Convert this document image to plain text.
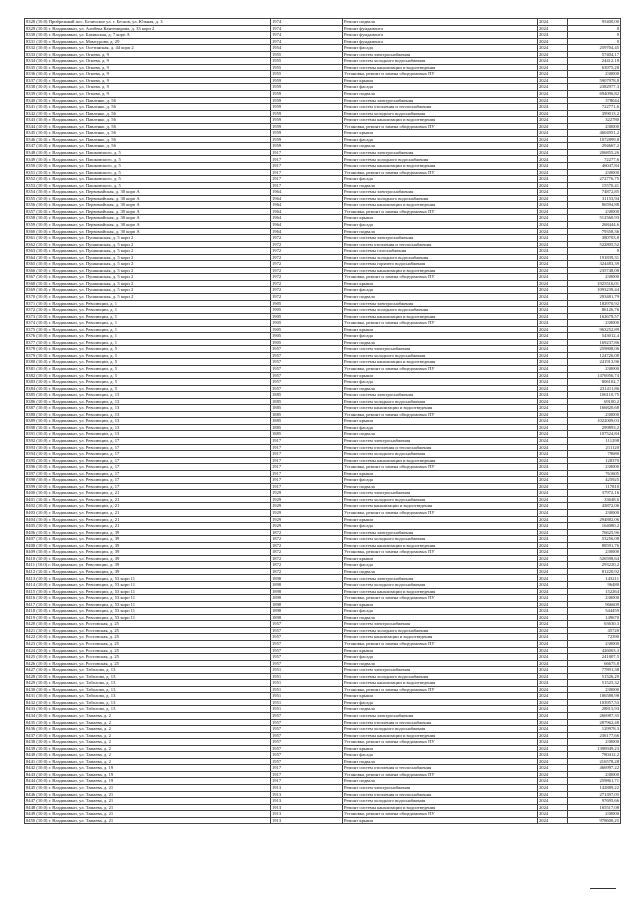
8328 (10.0) Прибрежный пос. Беличское ул. г. Бесков, ул. Южная, д. 3	1974	Ремонт подвала	2024	95400,00
8329 (10.0) г. Владикавказ, ул. Алибека Кантемирова, д. 33 корп 2	1974	Ремонт фундамента	2024	0
8330 (10.0) г. Владикавказ, ул. Бакинская, д. 7 корп А	1974	Ремонт фундамента	2024	0
8331 (10.0) г. Владикавказ, ул. Мамсурова, д. 29	1974	Ремонт фундамента	2024	0
8332 (10.0) г. Владикавказ, ул. Осетинская, д. 44 корп 2	1954	Ремонт фасада	2024	259704,45
8333 (10.0) г. Владикавказ, ул. Огнева, д. 9	1955	Ремонт систем электроснабжения	2024	57404,17
8334 (10.0) г. Владикавказ, ул. Огнева, д. 9	1955	Ремонт систем холодного водоснабжения	2024	24412,18
8335 (10.0) г. Владикавказ, ул. Огнева, д. 9	1955	Ремонт системы канализации и водоотведения	2024	63975,28
8336 (10.0) г. Владикавказ, ул. Огнева, д. 9	1955	Установка, ремонт и замена общедомовых ПУ	2024	230000
8337 (10.0) г. Владикавказ, ул. Огнева, д. 9	1959	Ремонт крыши	2024	5907978,8
8338 (10.0) г. Владикавказ, ул. Огнева, д. 9	1959	Ремонт фасада	2024	2382977,3
8339 (10.0) г. Владикавказ, ул. Огнева, д. 9	1959	Ремонт подвала	2024	694096,82
8340 (10.0) г. Владикавказ, ул. Павленко, д. 56	1959	Ремонт системы электроснабжения	2024	378044
8341 (10.0) г. Владикавказ, ул. Павленко, д. 56	1959	Ремонт систем отопления и теплоснабжения	2024	722771,6
8342 (10.0) г. Владикавказ, ул. Павленко, д. 56	1959	Ремонт систем холодного водоснабжения	2024	399013,2
8343 (10.0) г. Владикавказ, ул. Павленко, д. 56	1959	Ремонт системы канализации и водоотведения	2024	322780
8344 (10.0) г. Владикавказ, ул. Павленко, д. 56	1959	Установка, ремонт и замена общедомовых ПУ	2024	230000
8345 (10.0) г. Владикавказ, ул. Павленко, д. 56	1959	Ремонт крыши	2024	4604951,2
8346 (10.0) г. Владикавказ, ул. Павленко, д. 56	1959	Ремонт фасада	2024	1072899,8
8347 (10.0) г. Владикавказ, ул. Павленко, д. 56	1959	Ремонт подвала	2024	294667,2
8348 (10.0) г. Владикавказ, ул. Пашковского, д. 5	1917	Ремонт системы электроснабжения	2024	206855,26
8349 (10.0) г. Владикавказ, ул. Пашковского, д. 5	1917	Ремонт системы холодного водоснабжения	2024	72277,6
8350 (10.0) г. Владикавказ, ул. Пашковского, д. 5	1917	Ремонт системы канализации и водоотведения	2024	46047,84
8351 (10.0) г. Владикавказ, ул. Пашковского, д. 5	1917	Установка, ремонт и замена общедомовых ПУ	2024	230000
8352 (10.0) г. Владикавказ, ул. Пашковского, д. 5	1917	Ремонт фасада	2024	272776,75
8353 (10.0) г. Владикавказ, ул. Пашковского, д. 5	1917	Ремонт подвала	2024	15570,41
8354 (10.0) г. Владикавказ, ул. Первомайская, д. 30 корп А	1964	Ремонт системы электроснабжения	2024	74872,85
8355 (10.0) г. Владикавказ, ул. Первомайская, д. 30 корп А	1964	Ремонт системы холодного водоснабжения	2024	31153,94
8356 (10.0) г. Владикавказ, ул. Первомайская, д. 30 корп А	1964	Ремонт системы канализации и водоотведения	2024	86594,88
8357 (10.0) г. Владикавказ, ул. Первомайская, д. 30 корп А	1964	Установка, ремонт и замена общедомовых ПУ	2024	230000
8358 (10.0) г. Владикавказ, ул. Первомайская, д. 30 корп А	1964	Ремонт крыши	2024	512560,93
8359 (10.0) г. Владикавказ, ул. Первомайская, д. 30 корп А	1964	Ремонт фасада	2024	268444,6
8360 (10.0) г. Владикавказ, ул. Первомайская, д. 30 корп А	1964	Ремонт подвала	2024	79358,36
8361 (10.0) г. Владикавказ, ул. Пушкинская, д. 5 корп 2	1972	Ремонт системы электроснабжения	2024	380703,8
8362 (10.0) г. Владикавказ, ул. Пушкинская, д. 5 корп 2	1972	Ремонт систем отопления и теплоснабжения	2024	522805,52
8363 (10.0) г. Владикавказ, ул. Пушкинская, д. 5 корп 2	1972	Ремонт системы газоснабжения	2024	0
8364 (10.0) г. Владикавказ, ул. Пушкинская, д. 5 корп 2	1972	Ремонт системы холодного водоснабжения	2024	191839,31
8365 (10.0) г. Владикавказ, ул. Пушкинская, д. 5 корп 2	1972	Ремонт системы горячего водоснабжения	2024	324483,39
8366 (10.0) г. Владикавказ, ул. Пушкинская, д. 5 корп 2	1972	Ремонт системы канализации и водоотведения	2024	235748,08
8367 (10.0) г. Владикавказ, ул. Пушкинская, д. 5 корп 2	1972	Установка, ремонт и замена общедомовых ПУ	2024	230000
8368 (10.0) г. Владикавказ, ул. Пушкинская, д. 5 корп 2	1972	Ремонт крыши	2024	1925516,01
8369 (10.0) г. Владикавказ, ул. Пушкинская, д. 5 корп 2	1972	Ремонт фасада	2024	1093239,44
8370 (10.0) г. Владикавказ, ул. Пушкинская, д. 5 корп 2	1972	Ремонт подвала	2024	293481,79
8371 (10.0) г. Владикавказ, ул. Революции, д. 1	1905	Ремонт системы электроснабжения	2024	182970,92
8372 (10.0) г. Владикавказ, ул. Революции, д. 1	1905	Ремонт системы холодного водоснабжения	2024	86126,76
8373 (10.0) г. Владикавказ, ул. Революции, д. 1	1905	Ремонт системы канализации и водоотведения	2024	162679,57
8374 (10.0) г. Владикавказ, ул. Революции, д. 1	1905	Установка, ремонт и замена общедомовых ПУ	2024	230000
8375 (10.0) г. Владикавказ, ул. Революции, д. 1	1905	Ремонт крыши	2024	963252,89
8376 (10.0) г. Владикавказ, ул. Революции, д. 1	1905	Ремонт фасада	2024	543012,4
8377 (10.0) г. Владикавказ, ул. Революции, д. 1	1905	Ремонт подвала	2024	169237,86
8378 (10.0) г. Владикавказ, ул. Революции, д. 5	1957	Ремонт систем электроснабжения	2024	259808,06
8379 (10.0) г. Владикавказ, ул. Революции, д. 5	1957	Ремонт систем холодного водоснабжения	2024	124726,08
8380 (10.0) г. Владикавказ, ул. Революции, д. 5	1957	Ремонт системы канализации и водоотведения	2024	241913,96
8381 (10.0) г. Владикавказ, ул. Революции, д. 5	1957	Установка, ремонт и замена общедомовых ПУ	2024	230000
8382 (10.0) г. Владикавказ, ул. Революции, д. 5	1957	Ремонт крыши	2024	1476956,74
8383 (10.0) г. Владикавказ, ул. Революции, д. 5	1957	Ремонт фасада	2024	806102,7
8384 (10.0) г. Владикавказ, ул. Революции, д. 5	1957	Ремонт подвала	2024	231411,86
8385 (10.0) г. Владикавказ, ул. Революции, д. 13	1885	Ремонт системы электроснабжения	2024	106110,75
8386 (10.0) г. Владикавказ, ул. Революции, д. 13	1885	Ремонт систем холодного водоснабжения	2024	69100,2
8387 (10.0) г. Владикавказ, ул. Революции, д. 13	1885	Ремонт систем канализации и водоотведения	2024	166820,68
8388 (10.0) г. Владикавказ, ул. Революции, д. 13	1885	Установка, ремонт и замена общедомовых ПУ	2024	230000
8389 (10.0) г. Владикавказ, ул. Революции, д. 13	1885	Ремонт крыши	2024	1022009,03
8390 (10.0) г. Владикавказ, ул. Революции, д. 13	1885	Ремонт фасада	2024	299893,2
8391 (10.0) г. Владикавказ, ул. Революции, д. 13	1885	Ремонт подвала	2024	107524,84
8392 (10.0) г. Владикавказ, ул. Революции, д. 17	1917	Ремонт систем электроснабжения	2024	111298
8393 (10.0) г. Владикавказ, ул. Революции, д. 17	1917	Ремонт систем отопления и теплоснабжения	2024	211120
8394 (10.0) г. Владикавказ, ул. Революции, д. 17	1917	Ремонт систем холодного водоснабжения	2024	79680
8395 (10.0) г. Владикавказ, ул. Революции, д. 17	1917	Ремонт системы канализации и водоотведения	2024	128370
8396 (10.0) г. Владикавказ, ул. Революции, д. 17	1917	Установка, ремонт и замена общедомовых ПУ	2024	230000
8397 (10.0) г. Владикавказ, ул. Революции, д. 17	1917	Ремонт крыши	2024	761605
8398 (10.0) г. Владикавказ, ул. Революции, д. 17	1917	Ремонт фасада	2024	425925
8399 (10.0) г. Владикавказ, ул. Революции, д. 17	1917	Ремонт подвала	2024	117810
8400 (10.0) г. Владикавказ, ул. Революции, д. 21	1929	Ремонт систем электроснабжения	2024	37972,16
8401 (10.0) г. Владикавказ, ул. Революции, д. 21	1929	Ремонт систем холодного водоснабжения	2024	33648,6
8402 (10.0) г. Владикавказ, ул. Революции, д. 21	1929	Ремонт систем канализации и водоотведения	2024	43872,06
8403 (10.0) г. Владикавказ, ул. Революции, д. 21	1929	Установка, ремонт и замена общедомовых ПУ	2024	230000
8404 (10.0) г. Владикавказ, ул. Революции, д. 21	1929	Ремонт крыши	2024	294882,06
8405 (10.0) г. Владикавказ, ул. Революции, д. 21	1929	Ремонт фасада	2024	164080,2
8406 (10.0) г. Владикавказ, ул. Революции, д. 39	1872	Ремонт системы электроснабжения	2024	76625,96
8407 (10.0) г. Владикавказ, ул. Революции, д. 39	1872	Ремонт систем холодного водоснабжения	2024	53256,08
8408 (10.0) г. Владикавказ, ул. Революции, д. 39	1872	Ремонт системы канализации и водоотведения	2024	88591,76
8409 (10.0) г. Владикавказ, ул. Революции, д. 39	1872	Установка, ремонт и замена общедомовых ПУ	2024	230000
8410 (10.0) г. Владикавказ, ул. Революции, д. 39	1872	Ремонт крыши	2024	526598,64
8411 (10.0) г. Владикавказ, ул. Революции, д. 39	1872	Ремонт фасада	2024	293220,2
8412 (10.0) г. Владикавказ, ул. Революции, д. 39	1872	Ремонт подвала	2024	81220,92
8413 (10.0) г. Владикавказ, ул. Революции, д. 53 корп 11	1898	Ремонт системы электроснабжения	2024	143211
8414 (10.0) г. Владикавказ, ул. Революции, д. 53 корп 11	1898	Ремонт систем холодного водоснабжения	2024	96480
8415 (10.0) г. Владикавказ, ул. Революции, д. 53 корп 11	1898	Ремонт системы канализации и водоотведения	2024	152264
8416 (10.0) г. Владикавказ, ул. Революции, д. 53 корп 11	1898	Установка, ремонт и замена общедомовых ПУ	2024	230000
8417 (10.0) г. Владикавказ, ул. Революции, д. 53 корп 11	1898	Ремонт крыши	2024	966609
8418 (10.0) г. Владикавказ, ул. Революции, д. 53 корп 11	1898	Ремонт фасада	2024	544459
8419 (10.0) г. Владикавказ, ул. Революции, д. 53 корп 11	1898	Ремонт подвала	2024	149670
8420 (10.0) г. Владикавказ, ул. Ростовская, д. 25	1957	Ремонт систем электроснабжения	2024	63630,3
8421 (10.0) г. Владикавказ, ул. Ростовская, д. 25	1957	Ремонт системы холодного водоснабжения	2024	45720
8422 (10.0) г. Владикавказ, ул. Ростовская, д. 25	1957	Ремонт систем канализации и водоотведения	2024	72390
8423 (10.0) г. Владикавказ, ул. Ростовская, д. 25	1957	Установка, ремонт и замена общедомовых ПУ	2024	230000
8424 (10.0) г. Владикавказ, ул. Ростовская, д. 25	1957	Ремонт крыши	2024	426003,3
8425 (10.0) г. Владикавказ, ул. Ростовская, д. 25	1957	Ремонт фасада	2024	241807,5
8426 (10.0) г. Владикавказ, ул. Ростовская, д. 25	1957	Ремонт подвала	2024	66675,8
8427 (10.0) г. Владикавказ, ул. Таболова, д. 13	1951	Ремонт систем электроснабжения	2024	77891,38
8428 (10.0) г. Владикавказ, ул. Таболова, д. 13	1951	Ремонт системы холодного водоснабжения	2024	51526,29
8429 (10.0) г. Владикавказ, ул. Таболова, д. 13	1951	Ремонт системы канализации и водоотведения	2024	51525,32
8430 (10.0) г. Владикавказ, ул. Таболова, д. 13	1951	Установка, ремонт и замена общедомовых ПУ	2024	230000
8431 (10.0) г. Владикавказ, ул. Таболова, д. 13	1951	Ремонт крыши	2024	186588,98
8432 (10.0) г. Владикавказ, ул. Таболова, д. 13	1951	Ремонт фасада	2024	103957,53
8433 (10.0) г. Владикавказ, ул. Таболова, д. 13	1951	Ремонт подвала	2024	28815,93
8434 (10.0) г. Владикавказ, ул. Тамаева, д. 2	1957	Ремонт системы электроснабжения	2024	266987,35
8435 (10.0) г. Владикавказ, ул. Тамаева, д. 2	1957	Ремонт систем отопления и теплоснабжения	2024	287962,48
8436 (10.0) г. Владикавказ, ул. Тамаева, д. 2	1957	Ремонт систем холодного водоснабжения	2024	129978,3
8437 (10.0) г. Владикавказ, ул. Тамаева, д. 2	1957	Ремонт системы канализации и водоотведения	2024	236177,66
8438 (10.0) г. Владикавказ, ул. Тамаева, д. 2	1957	Установка, ремонт и замена общедомовых ПУ	2024	230000
8439 (10.0) г. Владикавказ, ул. Тамаева, д. 2	1957	Ремонт крыши	2024	1390949,23
8440 (10.0) г. Владикавказ, ул. Тамаева, д. 2	1957	Ремонт фасада	2024	780412,2
8441 (10.0) г. Владикавказ, ул. Тамаева, д. 2	1957	Ремонт подвала	2024	216578,28
8442 (10.0) г. Владикавказ, ул. Тамаева, д. 19	1917	Ремонт систем отопления и теплоснабжения	2024	466997,22
8443 (10.0) г. Владикавказ, ул. Тамаева, д. 19	1917	Установка, ремонт и замена общедомовых ПУ	2024	230000
8444 (10.0) г. Владикавказ, ул. Тамаева, д. 19	1917	Ремонт подвала	2024	259861,71
8445 (10.0) г. Владикавказ, ул. Тамаева, д. 21	1913	Ремонт систем электроснабжения	2024	142889,22
8446 (10.0) г. Владикавказ, ул. Тамаева, д. 21	1913	Ремонт систем отопления и теплоснабжения	2024	271397,05
8447 (10.0) г. Владикавказ, ул. Тамаева, д. 21	1913	Ремонт систем холодного водоснабжения	2024	97695,66
8448 (10.0) г. Владикавказ, ул. Тамаева, д. 21	1913	Ремонт системы канализации и водоотведения	2024	165517,08
8449 (10.0) г. Владикавказ, ул. Тамаева, д. 21	1913	Установка, ремонт и замена общедомовых ПУ	2024	230000
8450 (10.0) г. Владикавказ, ул. Тамаева, д. 21	1913	Ремонт крыши	2024	978600,25
